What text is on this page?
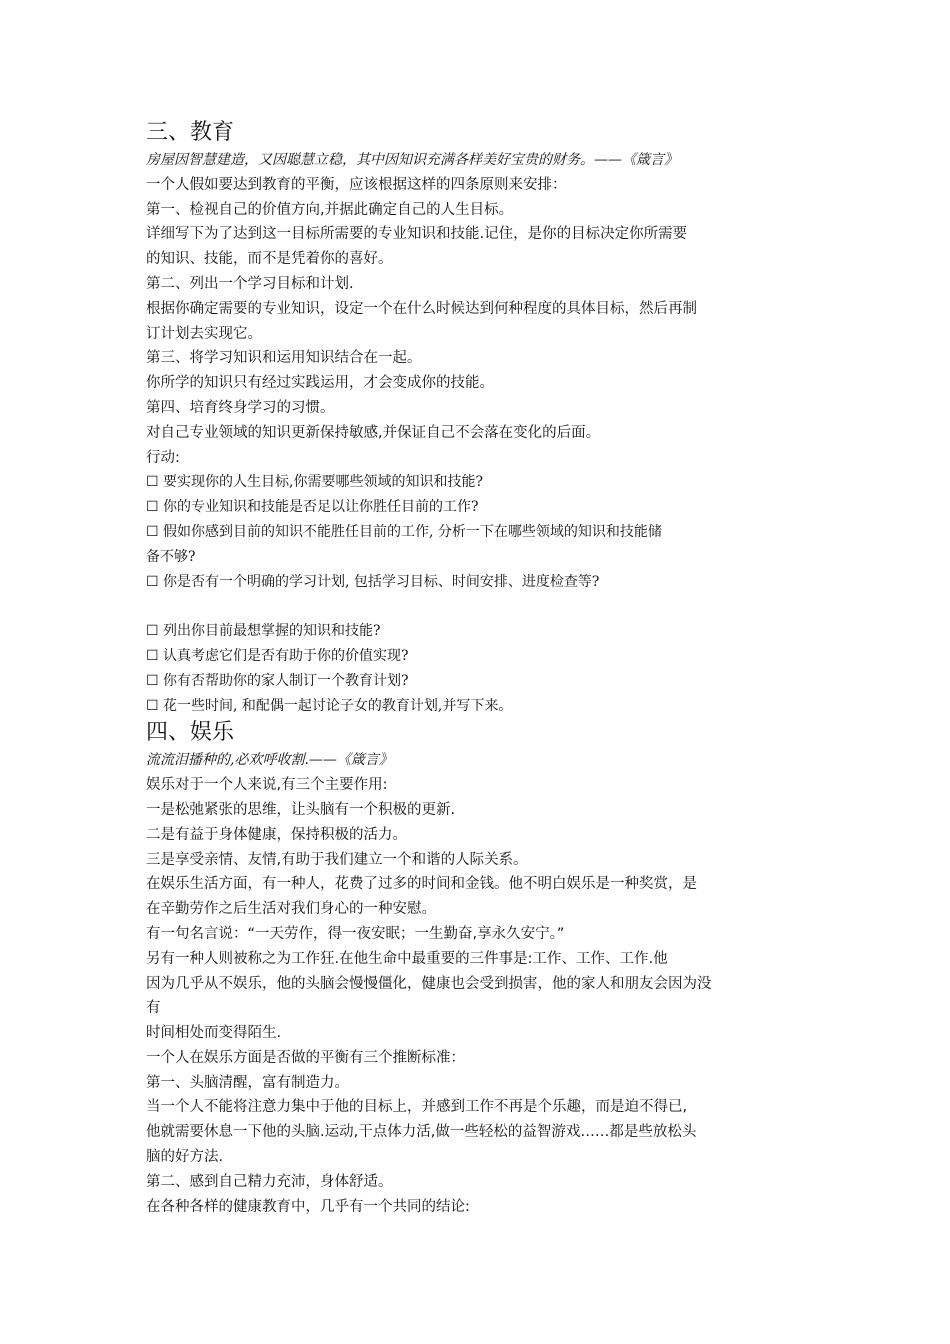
三、教育
房屋因智慧建造，又因聪慧立稳，其中因知识充满各样美好宝贵的财务。——《箴言》
一个人假如要达到教育的平衡，应该根据这样的四条原则来安排：
第一、检视自己的价值方向,并据此确定自己的人生目标。
详细写下为了达到这一目标所需要的专业知识和技能.记住，是你的目标决定你所需要
的知识、技能，而不是凭着你的喜好。
第二、列出一个学习目标和计划.
根据你确定需要的专业知识，设定一个在什么时候达到何种程度的具体目标，然后再制
订计划去实现它。
第三、将学习知识和运用知识结合在一起。
你所学的知识只有经过实践运用，才会变成你的技能。
第四、培育终身学习的习惯。
对自己专业领域的知识更新保持敏感,并保证自己不会落在变化的后面。
行动:
☐ 要实现你的人生目标,你需要哪些领域的知识和技能?
☐ 你的专业知识和技能是否足以让你胜任目前的工作?
☐ 假如你感到目前的知识不能胜任目前的工作, 分析一下在哪些领域的知识和技能储
备不够?
☐ 你是否有一个明确的学习计划, 包括学习目标、时间安排、进度检查等?
☐ 列出你目前最想掌握的知识和技能?
☐ 认真考虑它们是否有助于你的价值实现?
☐ 你有否帮助你的家人制订一个教育计划?
☐ 花一些时间, 和配偶一起讨论子女的教育计划,并写下来。
四、娱乐
流流泪播种的,必欢呼收割.——《箴言》
娱乐对于一个人来说,有三个主要作用:
一是松弛紧张的思维，让头脑有一个积极的更新.
二是有益于身体健康，保持积极的活力。
三是享受亲情、友情,有助于我们建立一个和谐的人际关系。
在娱乐生活方面，有一种人，花费了过多的时间和金钱。他不明白娱乐是一种奖赏，是
在辛勤劳作之后生活对我们身心的一种安慰。
有一句名言说：“一天劳作，得一夜安眠；一生勤奋,享永久安宁。”
另有一种人则被称之为工作狂.在他生命中最重要的三件事是:工作、工作、工作.他
因为几乎从不娱乐，他的头脑会慢慢僵化，健康也会受到损害，他的家人和朋友会因为没
有
时间相处而变得陌生.
一个人在娱乐方面是否做的平衡有三个推断标准：
第一、头脑清醒，富有制造力。
当一个人不能将注意力集中于他的目标上，并感到工作不再是个乐趣，而是迫不得已,
他就需要休息一下他的头脑.运动,干点体力活,做一些轻松的益智游戏……都是些放松头
脑的好方法.
第二、感到自己精力充沛，身体舒适。
在各种各样的健康教育中，几乎有一个共同的结论:
